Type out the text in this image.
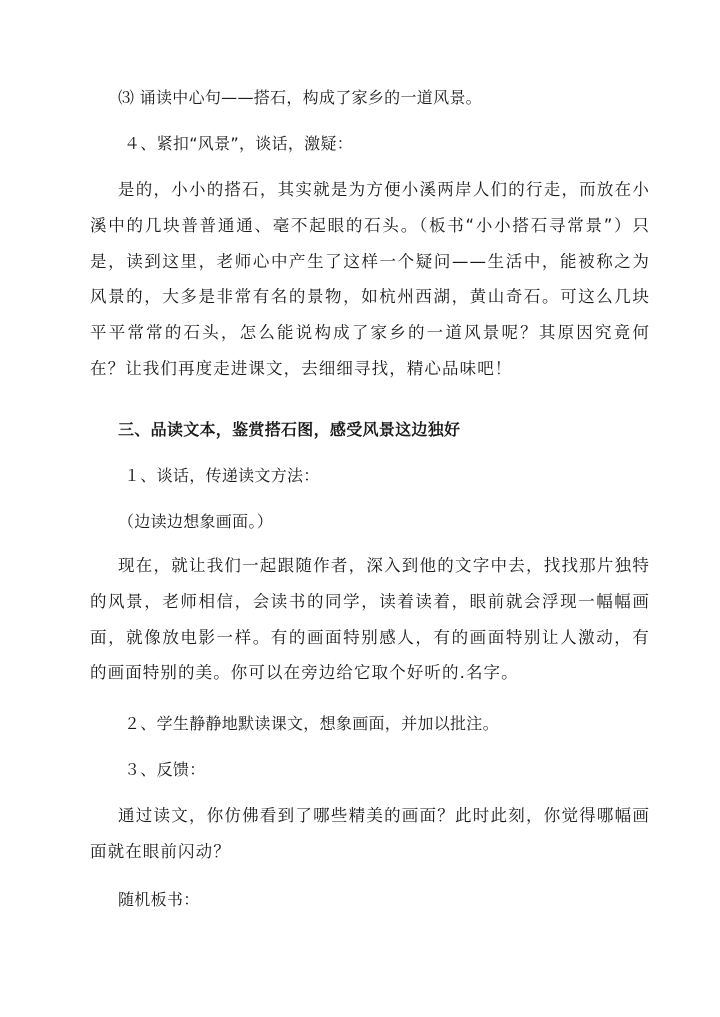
⑶ 诵读中心句——搭石，构成了家乡的一道风景。

４、紧扣“风景”，谈话，激疑：

是的，小小的搭石，其实就是为方便小溪两岸人们的行走，而放在小溪中的几块普普通通、毫不起眼的石头。（板书“小小搭石寻常景”）只是，读到这里，老师心中产生了这样一个疑问——生活中，能被称之为风景的，大多是非常有名的景物，如杭州西湖，黄山奇石。可这么几块平平常常的石头，怎么能说构成了家乡的一道风景呢？其原因究竟何在？让我们再度走进课文，去细细寻找，精心品味吧！

三、品读文本，鉴赏搭石图，感受风景这边独好

１、谈话，传递读文方法：

（边读边想象画面。）

现在，就让我们一起跟随作者，深入到他的文字中去，找找那片独特的风景，老师相信，会读书的同学，读着读着，眼前就会浮现一幅幅画面，就像放电影一样。有的画面特别感人，有的画面特别让人激动，有的画面特别的美。你可以在旁边给它取个好听的.名字。

２、学生静静地默读课文，想象画面，并加以批注。

３、反馈：

通过读文，你仿佛看到了哪些精美的画面？此时此刻，你觉得哪幅画面就在眼前闪动？

随机板书：
